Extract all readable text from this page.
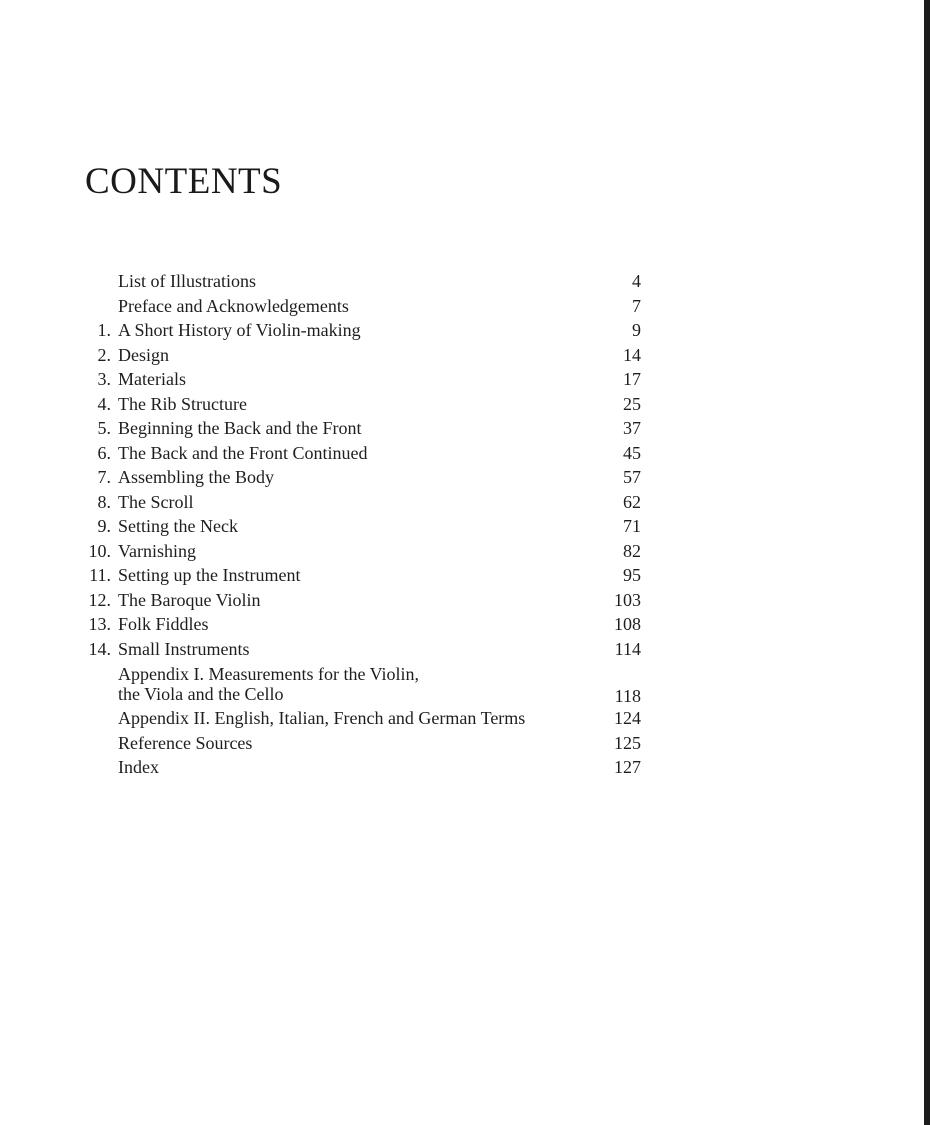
CONTENTS
List of Illustrations	4
Preface and Acknowledgements	7
1. A Short History of Violin-making	9
2. Design	14
3. Materials	17
4. The Rib Structure	25
5. Beginning the Back and the Front	37
6. The Back and the Front Continued	45
7. Assembling the Body	57
8. The Scroll	62
9. Setting the Neck	71
10. Varnishing	82
11. Setting up the Instrument	95
12. The Baroque Violin	103
13. Folk Fiddles	108
14. Small Instruments	114
Appendix I. Measurements for the Violin,
the Viola and the Cello	118
Appendix II. English, Italian, French and German Terms	124
Reference Sources	125
Index	127
